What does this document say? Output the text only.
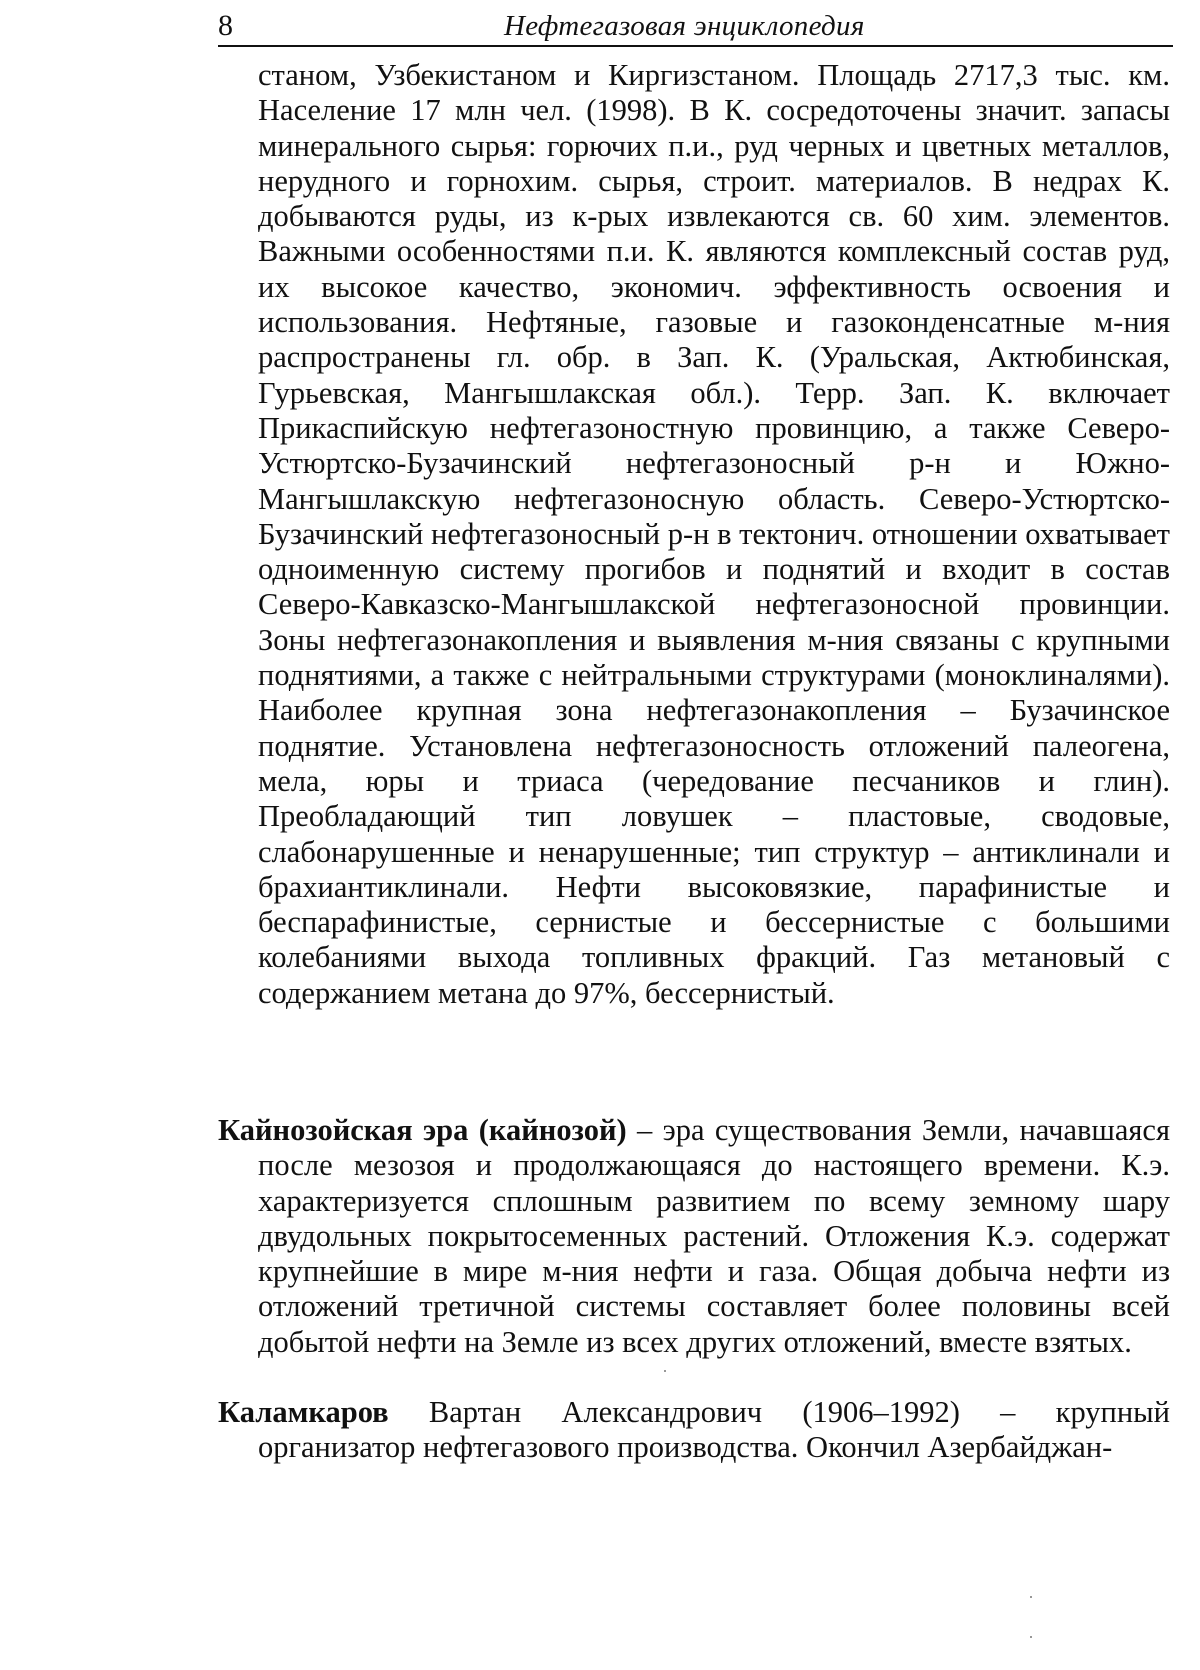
8	Нефтегазовая энциклопедия

станом, Узбекистаном и Киргизстаном. Площадь 2717,3 тыс. км. Население 17 млн чел. (1998). В К. сосредоточены значит. запасы минерального сырья: горючих п.и., руд черных и цветных металлов, нерудного и горнохим. сырья, строит. материалов. В недрах К. добываются руды, из к-рых извлекаются св. 60 хим. элементов. Важными особенностями п.и. К. являются комплексный состав руд, их высокое качество, экономич. эффективность освоения и использования. Нефтяные, газовые и газоконденсатные м-ния распространены гл. обр. в Зап. К. (Уральская, Актюбинская, Гурьевская, Мангышлакская обл.). Терр. Зап. К. включает Прикаспийскую нефтегазоностную провинцию, а также Северо-Устюртско-Бузачинский нефтегазоносный р-н и Южно-Мангышлакскую нефтегазоносную область. Северо-Устюртско-Бузачинский нефтегазоносный р-н в тектонич. отношении охватывает одноименную систему прогибов и поднятий и входит в состав Северо-Кавказско-Мангышлакской нефтегазоносной провинции. Зоны нефтегазонакопления и выявления м-ния связаны с крупными поднятиями, а также с нейтральными структурами (моноклиналями). Наиболее крупная зона нефтегазонакопления – Бузачинское поднятие. Установлена нефтегазоносность отложений палеогена, мела, юры и триаса (чередование песчаников и глин). Преобладающий тип ловушек – пластовые, сводовые, слабонарушенные и ненарушенные; тип структур – антиклинали и брахиантиклинали. Нефти высоковязкие, парафинистые и беспарафинистые, сернистые и бессернистые с большими колебаниями выхода топливных фракций. Газ метановый с содержанием метана до 97%, бессернистый.

Кайнозойская эра (кайнозой) – эра существования Земли, начавшаяся после мезозоя и продолжающаяся до настоящего времени. К.э. характеризуется сплошным развитием по всему земному шару двудольных покрытосеменных растений. Отложения К.э. содержат крупнейшие в мире м-ния нефти и газа. Общая добыча нефти из отложений третичной системы составляет более половины всей добытой нефти на Земле из всех других отложений, вместе взятых.

Каламкаров Вартан Александрович (1906–1992) – крупный организатор нефтегазового производства. Окончил Азербайджан-
